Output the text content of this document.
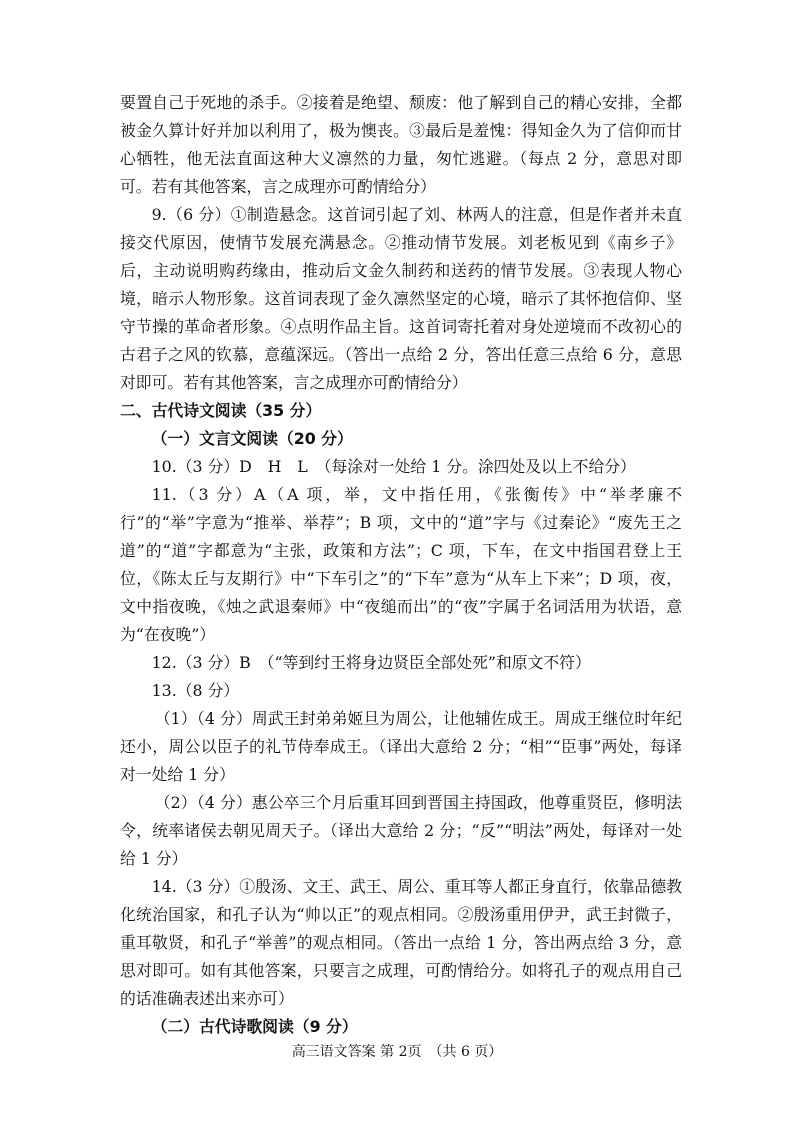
要置自己于死地的杀手。②接着是绝望、颓废：他了解到自己的精心安排，全都被金久算计好并加以利用了，极为懊丧。③最后是羞愧：得知金久为了信仰而甘心牺牲，他无法直面这种大义凛然的力量，匆忙逃避。（每点 2 分，意思对即可。若有其他答案，言之成理亦可酌情给分）

9.（6 分）①制造悬念。这首词引起了刘、林两人的注意，但是作者并未直接交代原因，使情节发展充满悬念。②推动情节发展。刘老板见到《南乡子》后，主动说明购药缘由，推动后文金久制药和送药的情节发展。③表现人物心境，暗示人物形象。这首词表现了金久凛然坚定的心境，暗示了其怀抱信仰、坚守节操的革命者形象。④点明作品主旨。这首词寄托着对身处逆境而不改初心的古君子之风的钦慕，意蕴深远。（答出一点给 2 分，答出任意三点给 6 分，意思对即可。若有其他答案，言之成理亦可酌情给分）

二、古代诗文阅读（35 分）

（一）文言文阅读（20 分）

10.（3 分）D　H　L　（每涂对一处给 1 分。涂四处及以上不给分）

11.（3 分）A（A 项，举，文中指任用，《张衡传》中“举孝廉不行”的“举”字意为“推举、举荐”；B 项，文中的“道”字与《过秦论》“废先王之道”的“道”字都意为“主张，政策和方法”；C 项，下车，在文中指国君登上王位，《陈太丘与友期行》中“下车引之”的“下车”意为“从车上下来”；D 项，夜，文中指夜晚，《烛之武退秦师》中“夜缒而出”的“夜”字属于名词活用为状语，意为“在夜晚”）

12.（3 分）B　（“等到纣王将身边贤臣全部处死”和原文不符）

13.（8 分）

（1）（4 分）周武王封弟弟姬旦为周公，让他辅佐成王。周成王继位时年纪还小，周公以臣子的礼节侍奉成王。（译出大意给 2 分；“相”“臣事”两处，每译对一处给 1 分）

（2）（4 分）惠公卒三个月后重耳回到晋国主持国政，他尊重贤臣，修明法令，统率诸侯去朝见周天子。（译出大意给 2 分；“反”“明法”两处，每译对一处给 1 分）

14.（3 分）①殷汤、文王、武王、周公、重耳等人都正身直行，依靠品德教化统治国家，和孔子认为“帅以正”的观点相同。②殷汤重用伊尹，武王封微子，重耳敬贤，和孔子“举善”的观点相同。（答出一点给 1 分，答出两点给 3 分，意思对即可。如有其他答案，只要言之成理，可酌情给分。如将孔子的观点用自己的话准确表述出来亦可）

（二）古代诗歌阅读（9 分）

高三语文答案 第 2页　（共 6 页）
